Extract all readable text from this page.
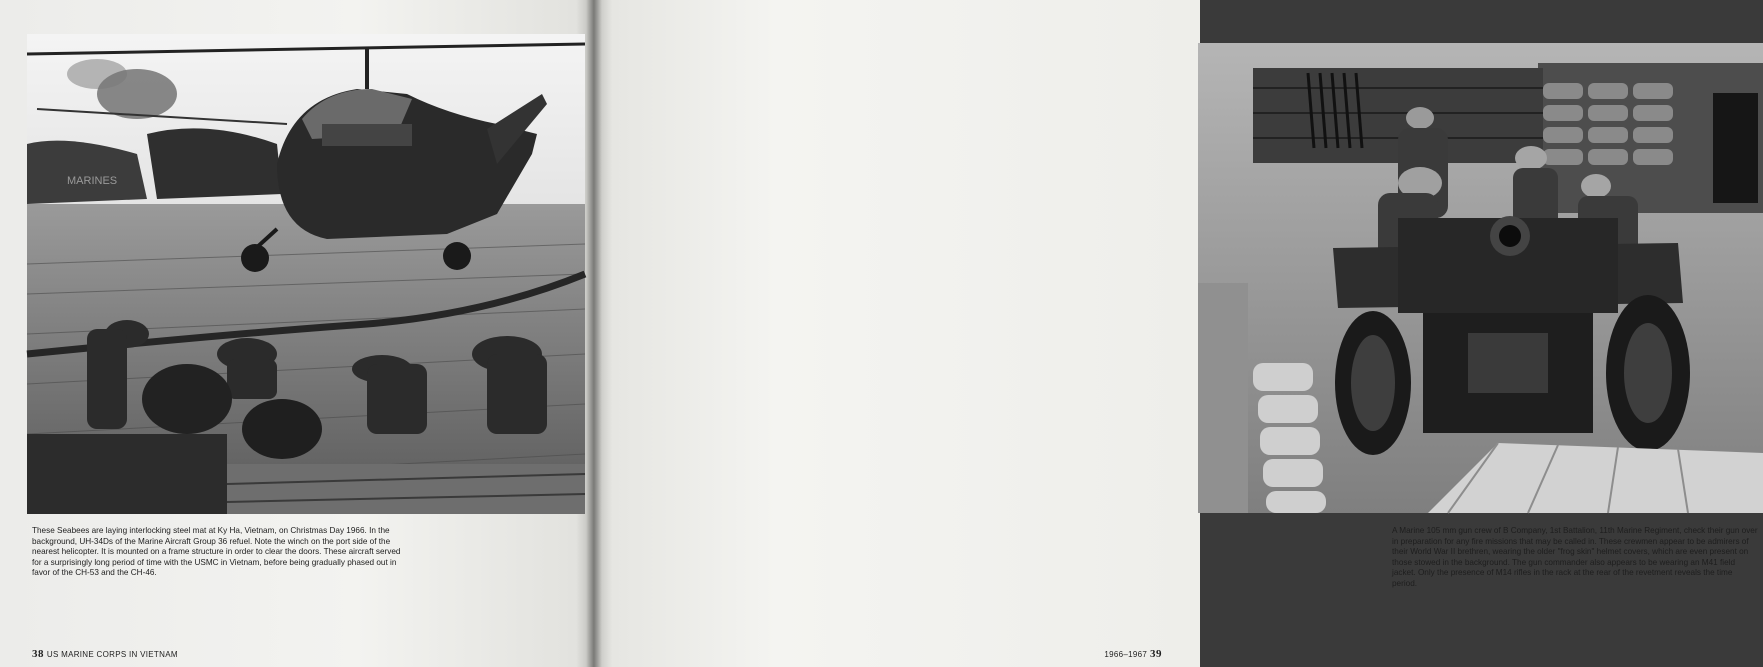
MARINES
These Seabees are laying interlocking steel mat at Ky Ha, Vietnam, on Christmas Day 1966. In the background, UH-34Ds of the Marine Aircraft Group 36 refuel. Note the winch on the port side of the nearest helicopter. It is mounted on a frame structure in order to clear the doors. These aircraft served for a surprisingly long period of time with the USMC in Vietnam, before being gradually phased out in favor of the CH-53 and the CH-46.
38 US MARINE CORPS IN VIETNAM
A Marine 105 mm gun crew of B Company, 1st Battalion, 11th Marine Regiment, check their gun over in preparation for any fire missions that may be called in. These crewmen appear to be admirers of their World War II brethren, wearing the older "frog skin" helmet covers, which are even present on those stowed in the background. The gun commander also appears to be wearing an M41 field jacket. Only the presence of M14 rifles in the rack at the rear of the revetment reveals the time period.
1966–1967 39
